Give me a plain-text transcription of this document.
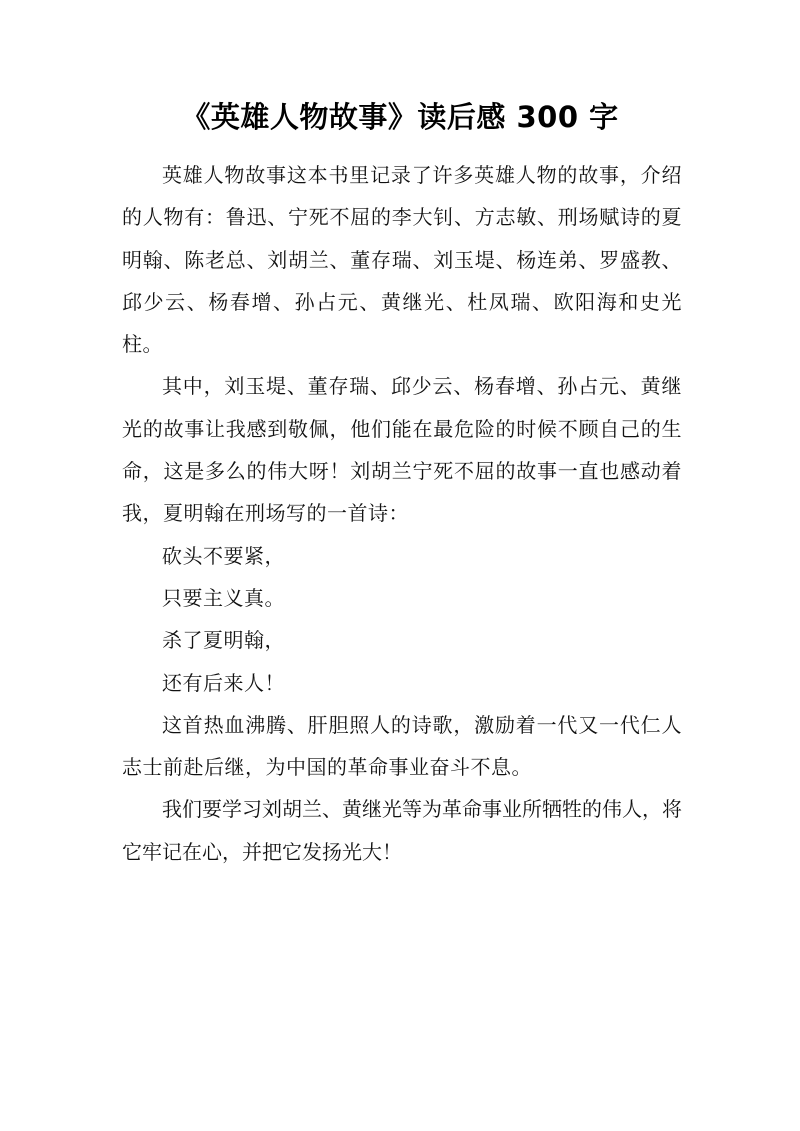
《英雄人物故事》读后感 300 字

英雄人物故事这本书里记录了许多英雄人物的故事，介绍的人物有：鲁迅、宁死不屈的李大钊、方志敏、刑场赋诗的夏明翰、陈老总、刘胡兰、董存瑞、刘玉堤、杨连弟、罗盛教、邱少云、杨春增、孙占元、黄继光、杜凤瑞、欧阳海和史光柱。

其中，刘玉堤、董存瑞、邱少云、杨春增、孙占元、黄继光的故事让我感到敬佩，他们能在最危险的时候不顾自己的生命，这是多么的伟大呀！刘胡兰宁死不屈的故事一直也感动着我，夏明翰在刑场写的一首诗：

砍头不要紧，

只要主义真。

杀了夏明翰，

还有后来人！

这首热血沸腾、肝胆照人的诗歌，激励着一代又一代仁人志士前赴后继，为中国的革命事业奋斗不息。

我们要学习刘胡兰、黄继光等为革命事业所牺牲的伟人，将它牢记在心，并把它发扬光大！
